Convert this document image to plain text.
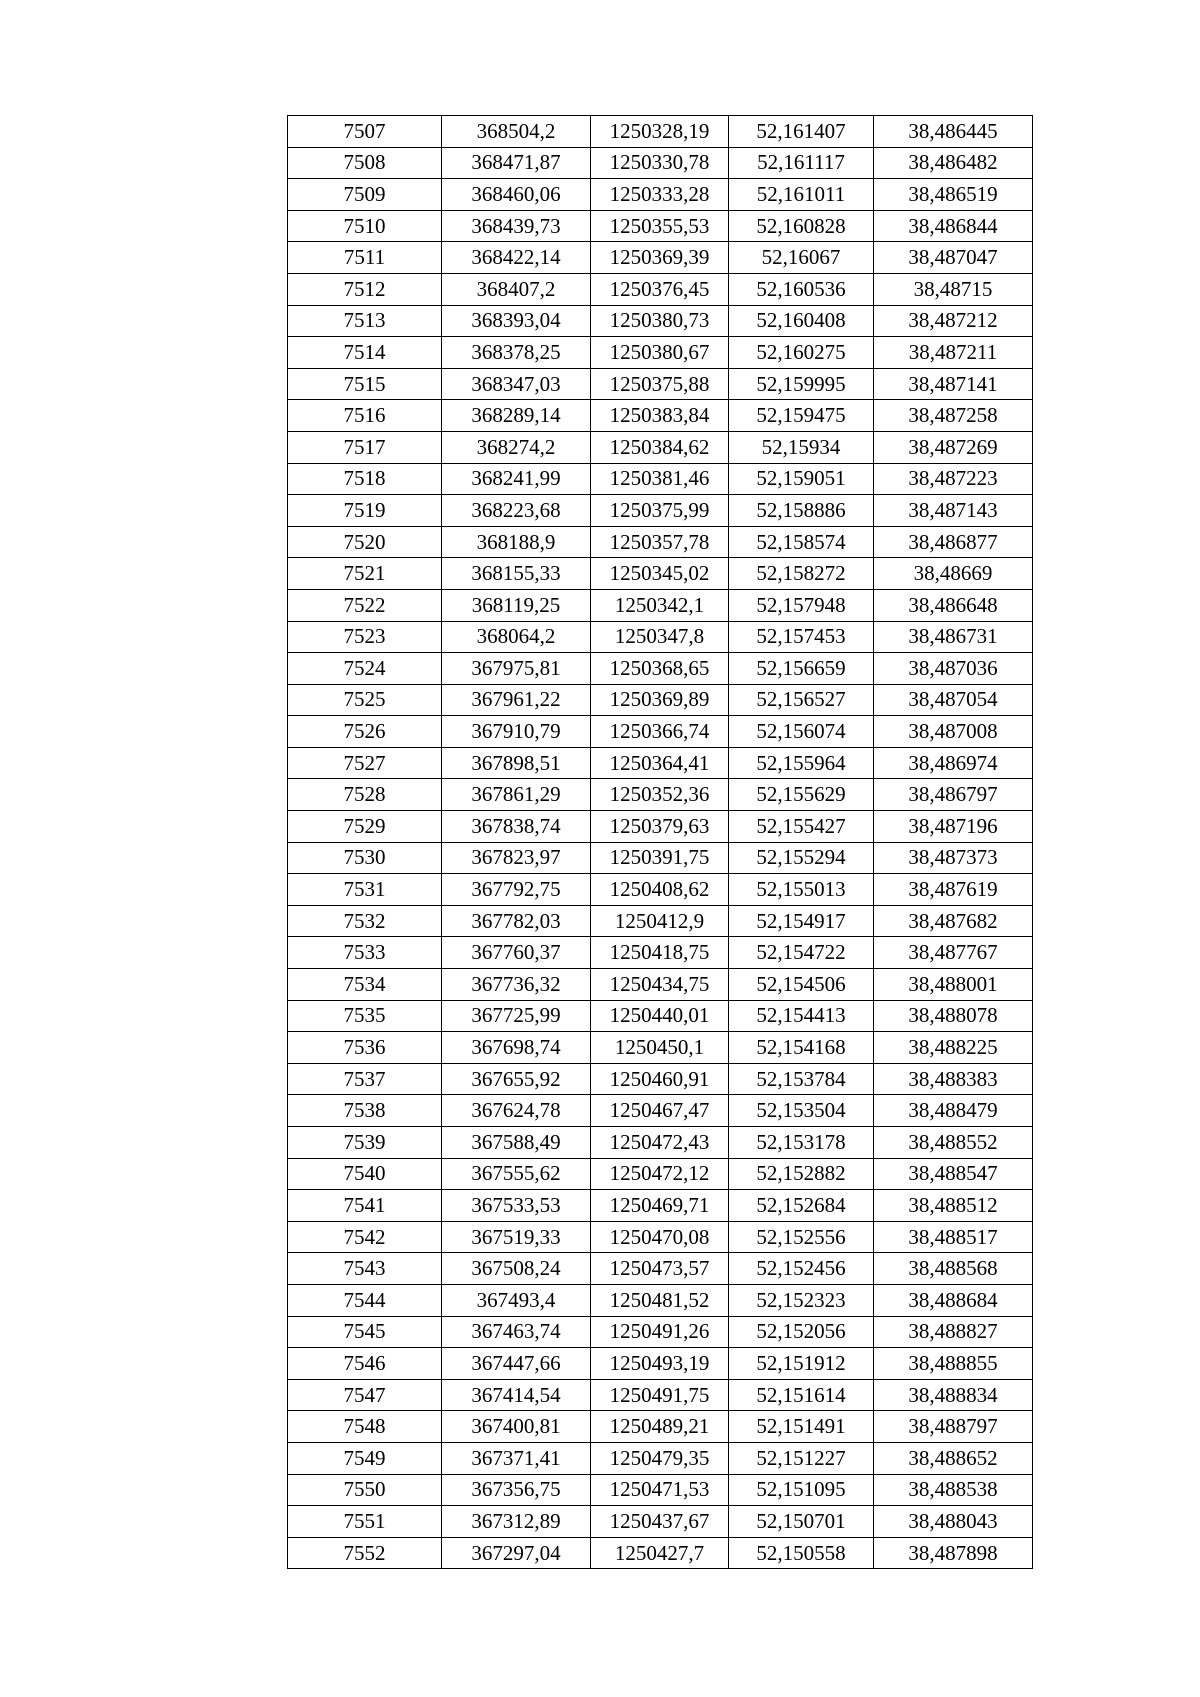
7507	368504,2	1250328,19	52,161407	38,486445
7508	368471,87	1250330,78	52,161117	38,486482
7509	368460,06	1250333,28	52,161011	38,486519
7510	368439,73	1250355,53	52,160828	38,486844
7511	368422,14	1250369,39	52,16067	38,487047
7512	368407,2	1250376,45	52,160536	38,48715
7513	368393,04	1250380,73	52,160408	38,487212
7514	368378,25	1250380,67	52,160275	38,487211
7515	368347,03	1250375,88	52,159995	38,487141
7516	368289,14	1250383,84	52,159475	38,487258
7517	368274,2	1250384,62	52,15934	38,487269
7518	368241,99	1250381,46	52,159051	38,487223
7519	368223,68	1250375,99	52,158886	38,487143
7520	368188,9	1250357,78	52,158574	38,486877
7521	368155,33	1250345,02	52,158272	38,48669
7522	368119,25	1250342,1	52,157948	38,486648
7523	368064,2	1250347,8	52,157453	38,486731
7524	367975,81	1250368,65	52,156659	38,487036
7525	367961,22	1250369,89	52,156527	38,487054
7526	367910,79	1250366,74	52,156074	38,487008
7527	367898,51	1250364,41	52,155964	38,486974
7528	367861,29	1250352,36	52,155629	38,486797
7529	367838,74	1250379,63	52,155427	38,487196
7530	367823,97	1250391,75	52,155294	38,487373
7531	367792,75	1250408,62	52,155013	38,487619
7532	367782,03	1250412,9	52,154917	38,487682
7533	367760,37	1250418,75	52,154722	38,487767
7534	367736,32	1250434,75	52,154506	38,488001
7535	367725,99	1250440,01	52,154413	38,488078
7536	367698,74	1250450,1	52,154168	38,488225
7537	367655,92	1250460,91	52,153784	38,488383
7538	367624,78	1250467,47	52,153504	38,488479
7539	367588,49	1250472,43	52,153178	38,488552
7540	367555,62	1250472,12	52,152882	38,488547
7541	367533,53	1250469,71	52,152684	38,488512
7542	367519,33	1250470,08	52,152556	38,488517
7543	367508,24	1250473,57	52,152456	38,488568
7544	367493,4	1250481,52	52,152323	38,488684
7545	367463,74	1250491,26	52,152056	38,488827
7546	367447,66	1250493,19	52,151912	38,488855
7547	367414,54	1250491,75	52,151614	38,488834
7548	367400,81	1250489,21	52,151491	38,488797
7549	367371,41	1250479,35	52,151227	38,488652
7550	367356,75	1250471,53	52,151095	38,488538
7551	367312,89	1250437,67	52,150701	38,488043
7552	367297,04	1250427,7	52,150558	38,487898
